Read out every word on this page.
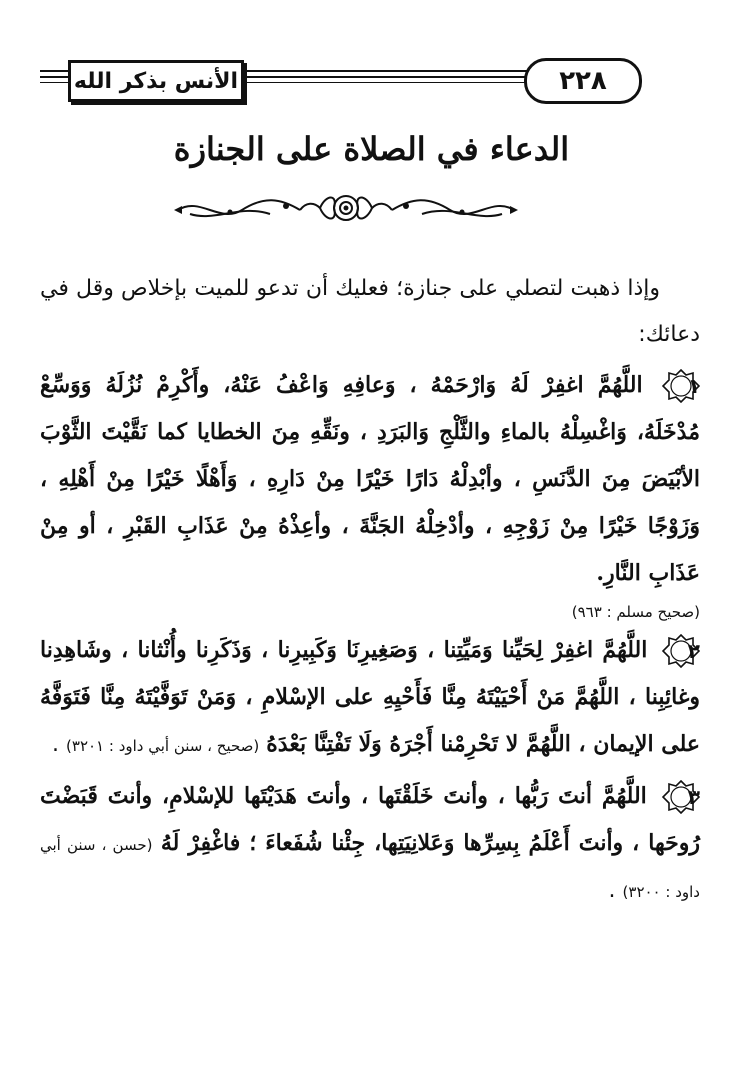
الأنس بذكر الله	٢٢٨
الدعاء في الصلاة على الجنازة

وإذا ذهبت لتصلي على جنازة؛ فعليك أن تدعو للميت بإخلاص وقل في دعائك:

١
اللَّهُمَّ اغفِرْ لَهُ وَارْحَمْهُ ، وَعافِهِ وَاعْفُ عَنْهُ، وأَكْرِمْ نُزُلَهُ وَوَسِّعْ مُدْخَلَهُ، وَاغْسِلْهُ بالماءِ والثَّلْجِ وَالبَرَدِ ، ونَقِّهِ مِنَ الخطايا كما نَقَّيْتَ الثَّوْبَ الأبْيَضَ مِنَ الدَّنَسِ ، وأبْدِلْهُ دَارًا خَيْرًا مِنْ دَارِهِ ، وَأَهْلًا خَيْرًا مِنْ أَهْلِهِ ، وَزَوْجًا خَيْرًا مِنْ زَوْجِهِ ، وأدْخِلْهُ الجَنَّةَ ، وأعِذْهُ مِنْ عَذَابِ القَبْرِ ، أو مِنْ عَذَابِ النَّارِ.

(صحيح مسلم : ٩٦٣)

٢
اللَّهُمَّ اغفِرْ لِحَيِّنا وَمَيِّتِنا ، وَصَغِيرِنَا وَكَبِيرِنا ، وَذَكَرِنا وأُنْثانا ، وشَاهِدِنا وغائِبِنا ، اللَّهُمَّ مَنْ أَحْيَيْتَهُ مِنَّا فَأَحْيِهِ على الإسْلامِ ، وَمَنْ تَوَفَّيْتَهُ مِنَّا فَتَوَفَّهُ على الإيمان ، اللَّهُمَّ لا تَحْرِمْنا أَجْرَهُ وَلَا تَفْتِنَّا بَعْدَهُ (صحيح ، سنن أبي داود : ٣٢٠١) .

٣
اللَّهُمَّ أنتَ رَبُّها ، وأنتَ خَلَقْتَها ، وأنتَ هَدَيْتَها للإسْلامِ، وأنتَ قَبَضْتَ رُوحَها ، وأنتَ أَعْلَمُ بِسِرِّها وَعَلانِيَتِها، جِئْنا شُفَعاءَ ؛ فاغْفِرْ لَهُ (حسن ، سنن أبي داود : ٣٢٠٠) .
